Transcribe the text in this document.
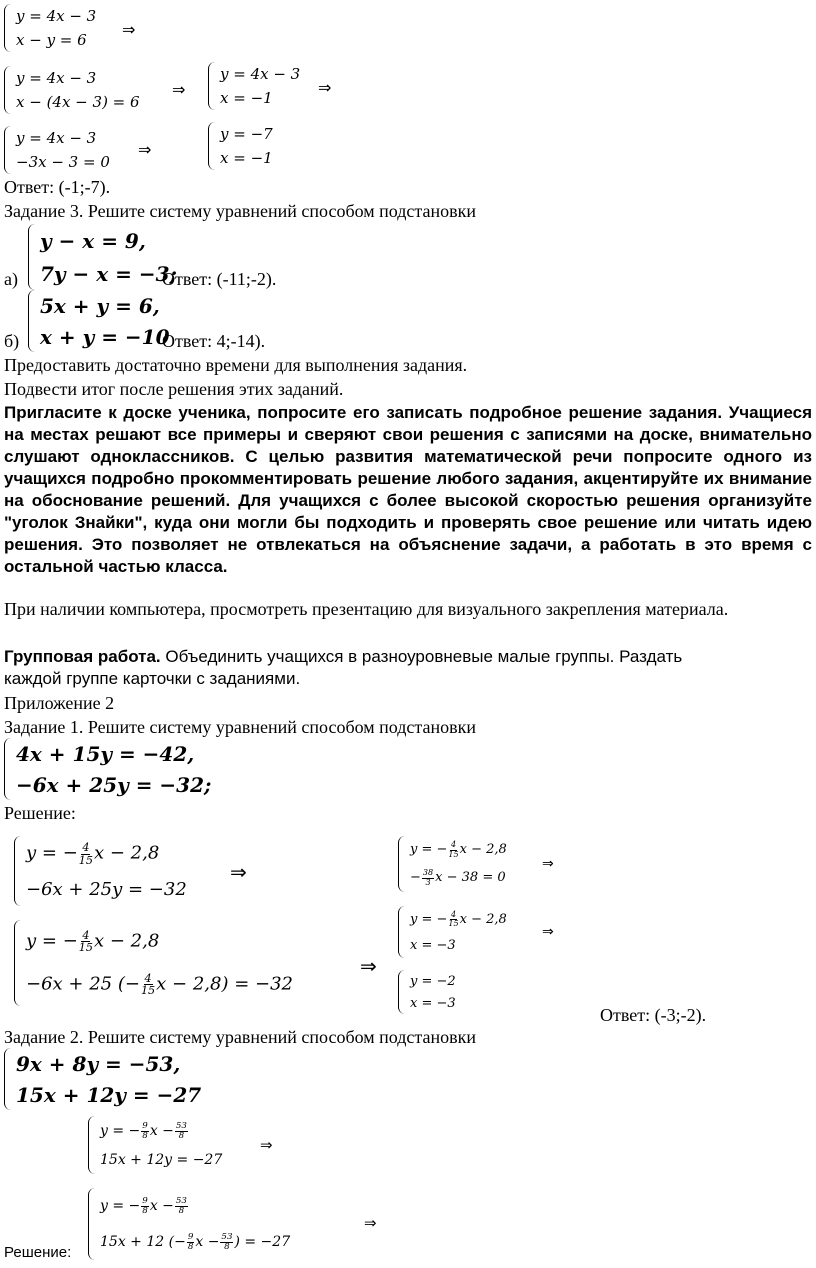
y = 4x − 3
x − y = 6
⇒
y = 4x − 3
x − (4x − 3) = 6
⇒
y = 4x − 3
x = −1
⇒
y = 4x − 3
−3x − 3 = 0
⇒
y = −7
x = −1
Ответ: (-1;-7).
Задание 3. Решите систему уравнений способом подстановки
а)
y − x = 9,
7y − x = −3;
Ответ: (-11;-2).
б)
5x + y = 6,
x + y = −10
Ответ: 4;-14).
Предоставить достаточно времени для выполнения задания.
Подвести итог после решения этих заданий.
Пригласите к доске ученика, попросите его записать подробное решение задания. Учащиеся на местах решают все примеры и сверяют свои решения с записями на доске, внимательно слушают одноклассников. С целью развития математической речи попросите одного из учащихся подробно прокомментировать решение любого задания, акцентируйте их внимание на обоснование решений. Для учащихся с более высокой скоростью решения организуйте "уголок Знайки", куда они могли бы подходить и проверять свое решение или читать идею решения. Это позволяет не отвлекаться на объяснение задачи, а работать в это время с остальной частью класса.
При наличии компьютера, просмотреть презентацию для визуального закрепления материала.
Групповая работа. Объединить учащихся в разноуровневые малые группы. Раздать
каждой группе карточки с заданиями.
Приложение 2
Задание 1. Решите систему уравнений способом подстановки
4x + 15y = −42,
−6x + 25y = −32;
Решение:
y = − $\frac{4}{15}$ x − 2,8
−6x + 25y = −32
⇒
y = − $\frac{4}{15}$ x − 2,8
−6x + 25 (− $\frac{4}{15}$ x − 2,8) = −32
⇒
y = − $\frac{4}{15}$ x − 2,8
− $\frac{38}{3}$ x − 38 = 0
⇒
y = − $\frac{4}{15}$ x − 2,8
x = −3
⇒
y = −2
x = −3
Ответ: (-3;-2).
Задание 2. Решите систему уравнений способом подстановки
9x + 8y = −53,
15x + 12y = −27
y = − $\frac{9}{8}$ $x - \frac{53}{8}$
15x + 12y = −27
⇒
y = − $\frac{9}{8}$ $x - \frac{53}{8}$
15x + 12 (− $\frac{9}{8}$ $x - \frac{53}{8}$ ) = −27
⇒
Решение:
